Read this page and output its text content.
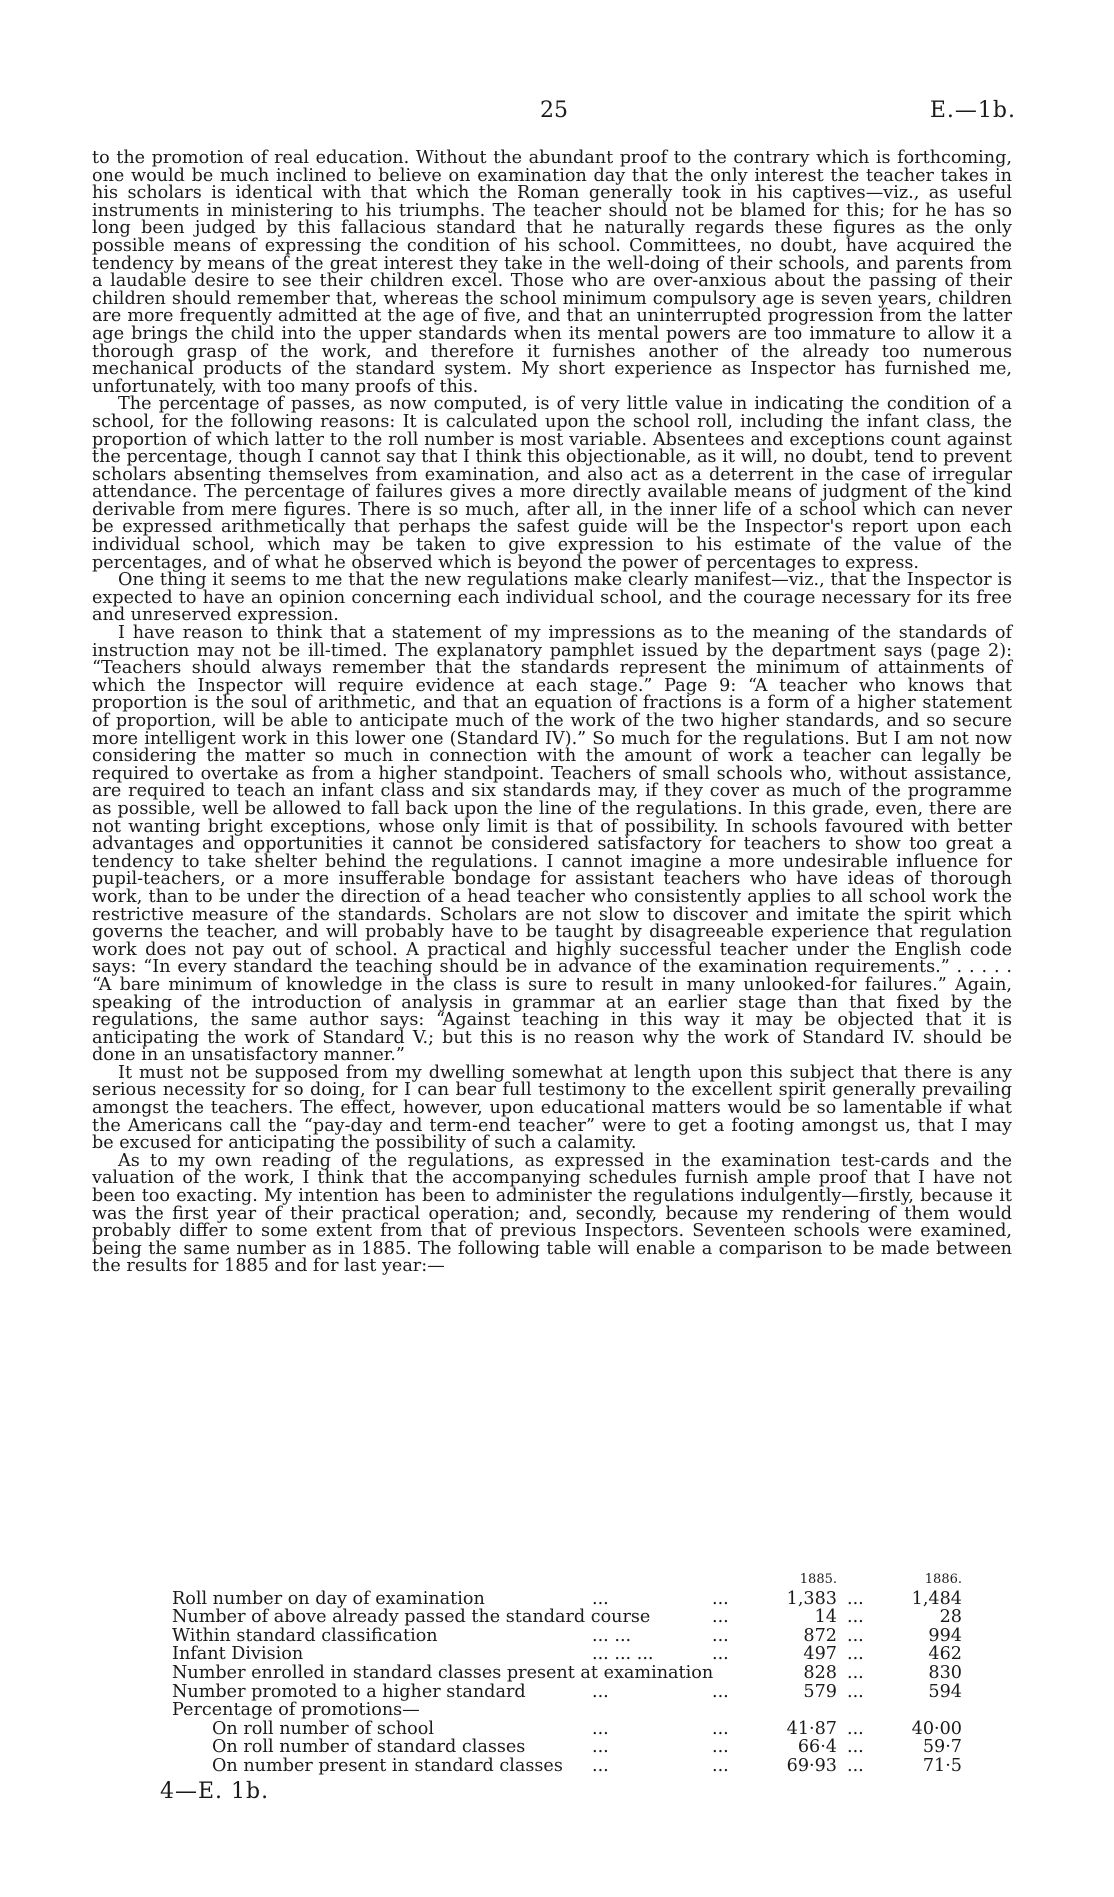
25	E.—1b.

to the promotion of real education. Without the abundant proof to the contrary which is forthcoming, one would be much inclined to believe on examination day that the only interest the teacher takes in his scholars is identical with that which the Roman generally took in his captives—viz., as useful instruments in ministering to his triumphs. The teacher should not be blamed for this; for he has so long been judged by this fallacious standard that he naturally regards these figures as the only possible means of expressing the condition of his school. Committees, no doubt, have acquired the tendency by means of the great interest they take in the well-doing of their schools, and parents from a laudable desire to see their children excel. Those who are over-anxious about the passing of their children should remember that, whereas the school minimum compulsory age is seven years, children are more frequently admitted at the age of five, and that an uninterrupted progression from the latter age brings the child into the upper standards when its mental powers are too immature to allow it a thorough grasp of the work, and therefore it furnishes another of the already too numerous mechanical products of the standard system. My short experience as Inspector has furnished me, unfortunately, with too many proofs of this.

The percentage of passes, as now computed, is of very little value in indicating the condition of a school, for the following reasons: It is calculated upon the school roll, including the infant class, the proportion of which latter to the roll number is most variable. Absentees and exceptions count against the percentage, though I cannot say that I think this objectionable, as it will, no doubt, tend to prevent scholars absenting themselves from examination, and also act as a deterrent in the case of irregular attendance. The percentage of failures gives a more directly available means of judgment of the kind derivable from mere figures. There is so much, after all, in the inner life of a school which can never be expressed arithmetically that perhaps the safest guide will be the Inspector's report upon each individual school, which may be taken to give expression to his estimate of the value of the percentages, and of what he observed which is beyond the power of percentages to express.

One thing it seems to me that the new regulations make clearly manifest—viz., that the Inspector is expected to have an opinion concerning each individual school, and the courage necessary for its free and unreserved expression.

I have reason to think that a statement of my impressions as to the meaning of the standards of instruction may not be ill-timed. The explanatory pamphlet issued by the department says (page 2): “Teachers should always remember that the standards represent the minimum of attainments of which the Inspector will require evidence at each stage.” Page 9: “A teacher who knows that proportion is the soul of arithmetic, and that an equation of fractions is a form of a higher statement of proportion, will be able to anticipate much of the work of the two higher standards, and so secure more intelligent work in this lower one (Standard IV).” So much for the regulations. But I am not now considering the matter so much in connection with the amount of work a teacher can legally be required to overtake as from a higher standpoint. Teachers of small schools who, without assistance, are required to teach an infant class and six standards may, if they cover as much of the programme as possible, well be allowed to fall back upon the line of the regulations. In this grade, even, there are not wanting bright exceptions, whose only limit is that of possibility. In schools favoured with better advantages and opportunities it cannot be considered satisfactory for teachers to show too great a tendency to take shelter behind the regulations. I cannot imagine a more undesirable influence for pupil-teachers, or a more insufferable bondage for assistant teachers who have ideas of thorough work, than to be under the direction of a head teacher who consistently applies to all school work the restrictive measure of the standards. Scholars are not slow to discover and imitate the spirit which governs the teacher, and will probably have to be taught by disagreeable experience that regulation work does not pay out of school. A practical and highly successful teacher under the English code says: “In every standard the teaching should be in advance of the examination requirements.” . . . . . “A bare minimum of knowledge in the class is sure to result in many unlooked-for failures.” Again, speaking of the introduction of analysis in grammar at an earlier stage than that fixed by the regulations, the same author says: “Against teaching in this way it may be objected that it is anticipating the work of Standard V.; but this is no reason why the work of Standard IV. should be done in an unsatisfactory manner.”

It must not be supposed from my dwelling somewhat at length upon this subject that there is any serious necessity for so doing, for I can bear full testimony to the excellent spirit generally prevailing amongst the teachers. The effect, however, upon educational matters would be so lamentable if what the Americans call the “pay-day and term-end teacher” were to get a footing amongst us, that I may be excused for anticipating the possibility of such a calamity.

As to my own reading of the regulations, as expressed in the examination test-cards and the valuation of the work, I think that the accompanying schedules furnish ample proof that I have not been too exacting. My intention has been to administer the regulations indulgently—firstly, because it was the first year of their practical operation; and, secondly, because my rendering of them would probably differ to some extent from that of previous Inspectors. Seventeen schools were examined, being the same number as in 1885. The following table will enable a comparison to be made between the results for 1885 and for last year:—

1885.	1886.
Roll number on day of examination	...	...	1,383 ...	1,484
Number of above already passed the standard course	...	14 ...	28
Within standard classification	... ...	...	872 ...	994
Infant Division	... ... ...	...	497 ...	462
Number enrolled in standard classes present at examination	828 ...	830
Number promoted to a higher standard	...	...	579 ...	594
Percentage of promotions—
On roll number of school	...	...	41·87 ...	40·00
On roll number of standard classes	...	...	66·4 ...	59·7
On number present in standard classes ...	...	69·93 ...	71·5
4—E. 1b.
